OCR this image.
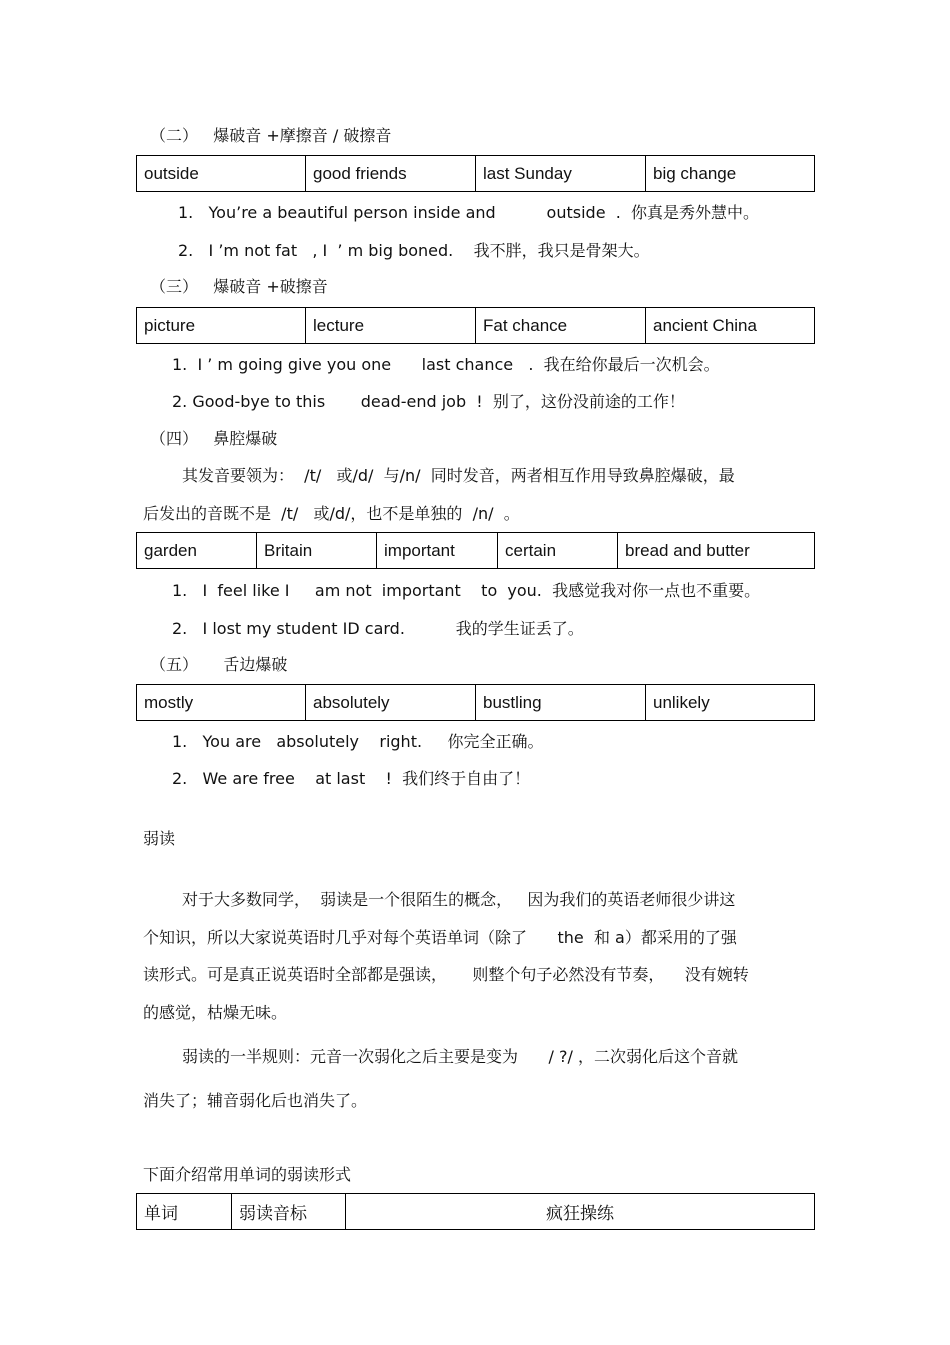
（二）   爆破音 +摩擦音 / 破擦音
outside	good friends	last Sunday	big change
1.   You’re a beautiful person inside and          outside  .  你真是秀外慧中。
2.   I ’m not fat   , I  ’ m big boned.    我不胖，我只是骨架大。
（三）   爆破音 +破擦音
picture	lecture	Fat chance	ancient China
1.  I ’ m going give you one      last chance   .  我在给你最后一次机会。
2. Good-bye to this       dead-end job  !  别了，这份没前途的工作！
（四）   鼻腔爆破
其发音要领为：  /t/   或/d/  与/n/  同时发音，两者相互作用导致鼻腔爆破，最
后发出的音既不是  /t/   或/d/，也不是单独的  /n/  。
garden	Britain	important	certain	bread and butter
1.   I  feel like I     am not  important    to  you.  我感觉我对你一点也不重要。
2.   I lost my student ID card.          我的学生证丢了。
（五）     舌边爆破
mostly	absolutely	bustling	unlikely
1.   You are   absolutely    right.     你完全正确。
2.   We are free    at last    !  我们终于自由了！
弱读
对于大多数同学，  弱读是一个很陌生的概念，   因为我们的英语老师很少讲这
个知识，所以大家说英语时几乎对每个英语单词（除了      the  和 a）都采用的了强
读形式。可是真正说英语时全部都是强读，     则整个句子必然没有节奏，    没有婉转
的感觉，枯燥无味。
弱读的一半规则：元音一次弱化之后主要是变为      / ?/ ，二次弱化后这个音就
消失了；辅音弱化后也消失了。
下面介绍常用单词的弱读形式
单词	弱读音标	疯狂操练
